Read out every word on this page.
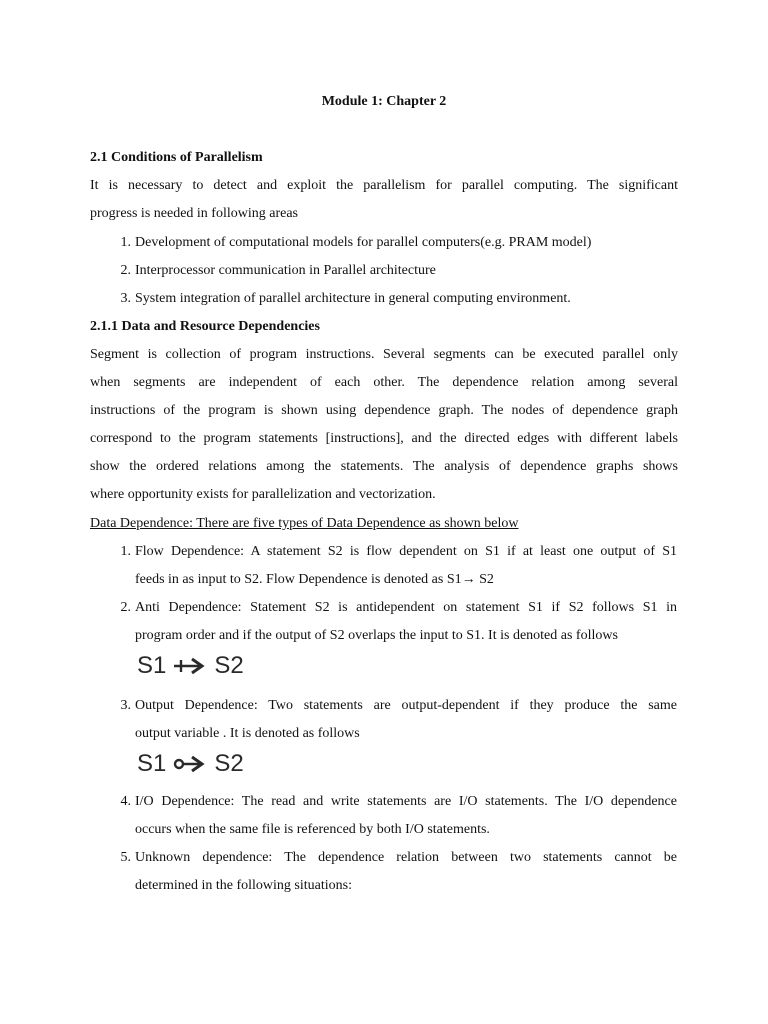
Module 1: Chapter 2
2.1 Conditions of Parallelism
It is necessary to detect and exploit the parallelism for parallel computing. The significant
progress is needed in following areas
1. Development of computational models for parallel computers(e.g. PRAM model)
2. Interprocessor communication in Parallel architecture
3. System integration of parallel architecture in general computing environment.
2.1.1 Data and Resource Dependencies
Segment is collection of program instructions. Several segments can be executed parallel only
when segments are independent of each other. The dependence relation among several
instructions of the program is shown using dependence graph. The nodes of dependence graph
correspond to the program statements [instructions], and the directed edges with different labels
show the ordered relations among the statements. The analysis of dependence graphs shows
where opportunity exists for parallelization and vectorization.
Data Dependence: There are five types of Data Dependence as shown below
1. Flow Dependence: A statement S2 is flow dependent on S1 if at least one output of S1
feeds in as input to S2. Flow Dependence is denoted as S1→ S2
2. Anti Dependence: Statement S2 is antidependent on statement S1 if S2 follows S1 in
program order and if the output of S2 overlaps the input to S1. It is denoted as follows
S1 S2
3. Output Dependence: Two statements are output-dependent if they produce the same
output variable . It is denoted as follows
S1 S2
4. I/O Dependence: The read and write statements are I/O statements. The I/O dependence
occurs when the same file is referenced by both I/O statements.
5. Unknown dependence: The dependence relation between two statements cannot be
determined in the following situations:
